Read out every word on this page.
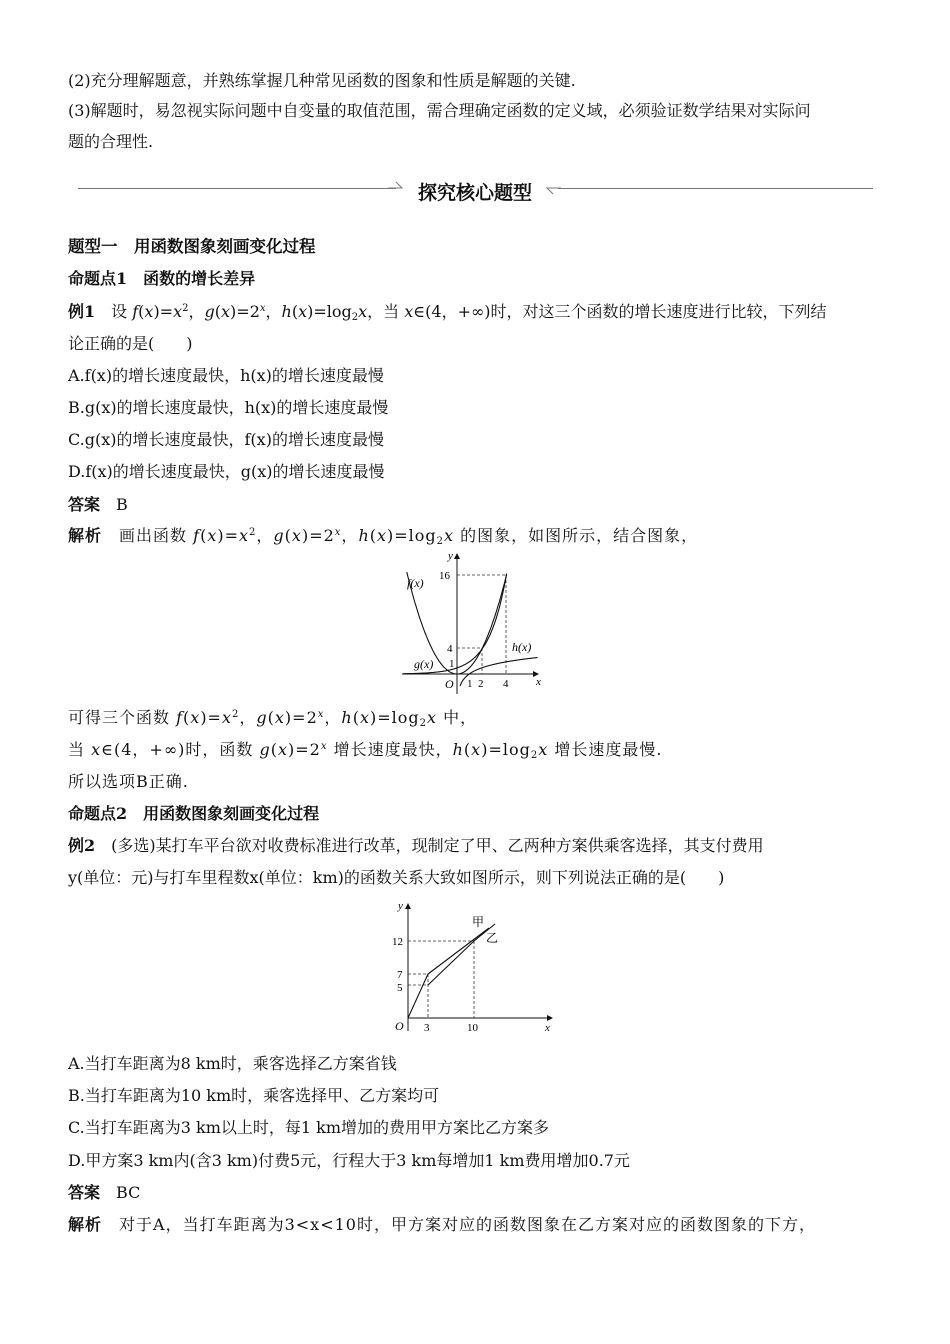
(2)充分理解题意，并熟练掌握几种常见函数的图象和性质是解题的关键.
(3)解题时，易忽视实际问题中自变量的取值范围，需合理确定函数的定义域，必须验证数学结果对实际问
题的合理性.
探究核心题型
题型一　用函数图象刻画变化过程
命题点1　函数的增长差异
例1　设 $f(x)=x^2$，$g(x)=2^x$，$h(x)=\log_2x$，当 x∈(4，+∞)时，对这三个函数的增长速度进行比较，下列结
论正确的是(　　)
A.f(x)的增长速度最快，h(x)的增长速度最慢
B.g(x)的增长速度最快，h(x)的增长速度最慢
C.g(x)的增长速度最快，f(x)的增长速度最慢
D.f(x)的增长速度最快，g(x)的增长速度最慢
答案　 B
解析　 画出函数 $f(x)=x^2$，$g(x)=2^x$，$h(x)=\log_2x$ 的图象，如图所示，结合图象，
y
x
O
16
4
1
1 2 4
f(x)
g(x)
h(x)
可得三个函数 $f(x)=x^2$，$g(x)=2^x$，$h(x)=\log_2x$ 中，
当 x∈(4，+∞)时，函数 $g(x)=2^x$ 增长速度最快，$h(x)=\log_2x$ 增长速度最慢.
所以选项B正确.
命题点2　用函数图象刻画变化过程
例2　 (多选)某打车平台欲对收费标准进行改革，现制定了甲、乙两种方案供乘客选择，其支付费用
y(单位：元)与打车里程数x(单位：km)的函数关系大致如图所示，则下列说法正确的是(　　)
y
x
O
12
7
5
3	10
甲
乙
A.当打车距离为8 km时，乘客选择乙方案省钱
B.当打车距离为10 km时，乘客选择甲、乙方案均可
C.当打车距离为3 km以上时，每1 km增加的费用甲方案比乙方案多
D.甲方案3 km内(含3 km)付费5元，行程大于3 km每增加1 km费用增加0.7元
答案　 BC
解析　 对于A，当打车距离为3<x<10时，甲方案对应的函数图象在乙方案对应的函数图象的下方，
